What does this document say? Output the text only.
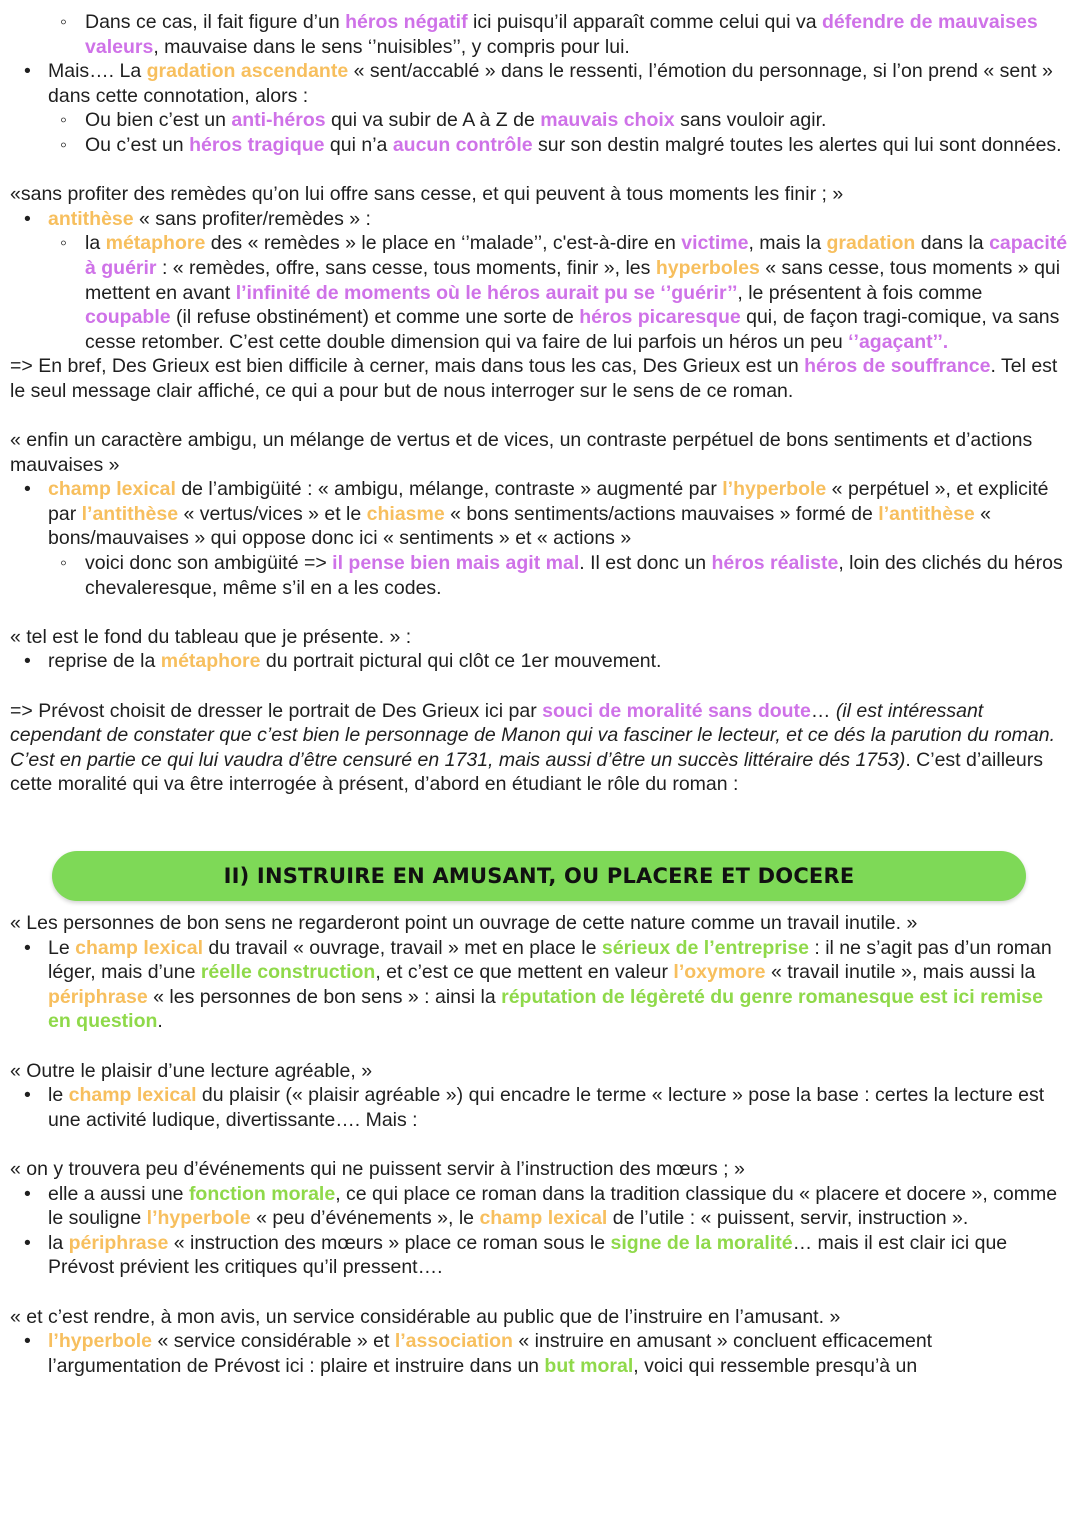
◦ Dans ce cas, il fait figure d’un héros négatif ici puisqu’il apparaît comme celui qui va défendre de mauvaises valeurs, mauvaise dans le sens ‘’nuisibles’’, y compris pour lui.
• Mais…. La gradation ascendante « sent/accablé » dans le ressenti, l’émotion du personnage, si l’on prend « sent » dans cette connotation, alors :
◦ Ou bien c’est un anti-héros qui va subir de A à Z de mauvais choix sans vouloir agir.
◦ Ou c’est un héros tragique qui n’a aucun contrôle sur son destin malgré toutes les alertes qui lui sont données.

«sans profiter des remèdes qu’on lui offre sans cesse, et qui peuvent à tous moments les finir ; »

• antithèse « sans profiter/remèdes » :
◦ la métaphore des « remèdes » le place en ‘’malade’’, c'est-à-dire en victime, mais la gradation dans la capacité à guérir : « remèdes, offre, sans cesse, tous moments, finir », les hyperboles « sans cesse, tous moments » qui mettent en avant l’infinité de moments où le héros aurait pu se ‘’guérir’’, le présentent à fois comme coupable (il refuse obstinément) et comme une sorte de héros picaresque qui, de façon tragi-comique, va sans cesse retomber. C’est cette double dimension qui va faire de lui parfois un héros un peu ‘’agaçant’’.

=> En bref, Des Grieux est bien difficile à cerner, mais dans tous les cas, Des Grieux est un héros de souffrance. Tel est le seul message clair affiché, ce qui a pour but de nous interroger sur le sens de ce roman.

« enfin un caractère ambigu, un mélange de vertus et de vices, un contraste perpétuel de bons sentiments et d’actions mauvaises »

• champ lexical de l’ambigüité : « ambigu, mélange, contraste » augmenté par l’hyperbole « perpétuel », et explicité par l’antithèse « vertus/vices » et le chiasme « bons sentiments/actions mauvaises » formé de l’antithèse « bons/mauvaises » qui oppose donc ici « sentiments » et « actions »
◦ voici donc son ambigüité => il pense bien mais agit mal. Il est donc un héros réaliste, loin des clichés du héros chevaleresque, même s’il en a les codes.

« tel est le fond du tableau que je présente. » :

• reprise de la métaphore du portrait pictural qui clôt ce 1er mouvement.

=> Prévost choisit de dresser le portrait de Des Grieux ici par souci de moralité sans doute… (il est intéressant cependant de constater que c’est bien le personnage de Manon qui va fasciner le lecteur, et ce dés la parution du roman. C’est en partie ce qui lui vaudra d’être censuré en 1731, mais aussi d’être un succès littéraire dés 1753). C’est d’ailleurs cette moralité qui va être interrogée à présent, d’abord en étudiant le rôle du roman :

II) INSTRUIRE EN AMUSANT, OU PLACERE ET DOCERE

« Les personnes de bon sens ne regarderont point un ouvrage de cette nature comme un travail inutile. »

• Le champ lexical du travail « ouvrage, travail » met en place le sérieux de l’entreprise : il ne s’agit pas d’un roman léger, mais d’une réelle construction, et c’est ce que mettent en valeur l’oxymore « travail inutile », mais aussi la périphrase « les personnes de bon sens » : ainsi la réputation de légèreté du genre romanesque est ici remise en question.

« Outre le plaisir d’une lecture agréable, »

• le champ lexical du plaisir (« plaisir agréable ») qui encadre le terme « lecture » pose la base : certes la lecture est une activité ludique, divertissante…. Mais :

« on y trouvera peu d’événements qui ne puissent servir à l’instruction des mœurs ; »

• elle a aussi une fonction morale, ce qui place ce roman dans la tradition classique du « placere et docere », comme le souligne l’hyperbole « peu d’événements », le champ lexical de l’utile : « puissent, servir, instruction ».
• la périphrase « instruction des mœurs » place ce roman sous le signe de la moralité… mais il est clair ici que Prévost prévient les critiques qu’il pressent….

« et c’est rendre, à mon avis, un service considérable au public que de l’instruire en l’amusant. »

• l’hyperbole « service considérable » et l’association « instruire en amusant » concluent efficacement l’argumentation de Prévost ici : plaire et instruire dans un but moral, voici qui ressemble presqu’à un
